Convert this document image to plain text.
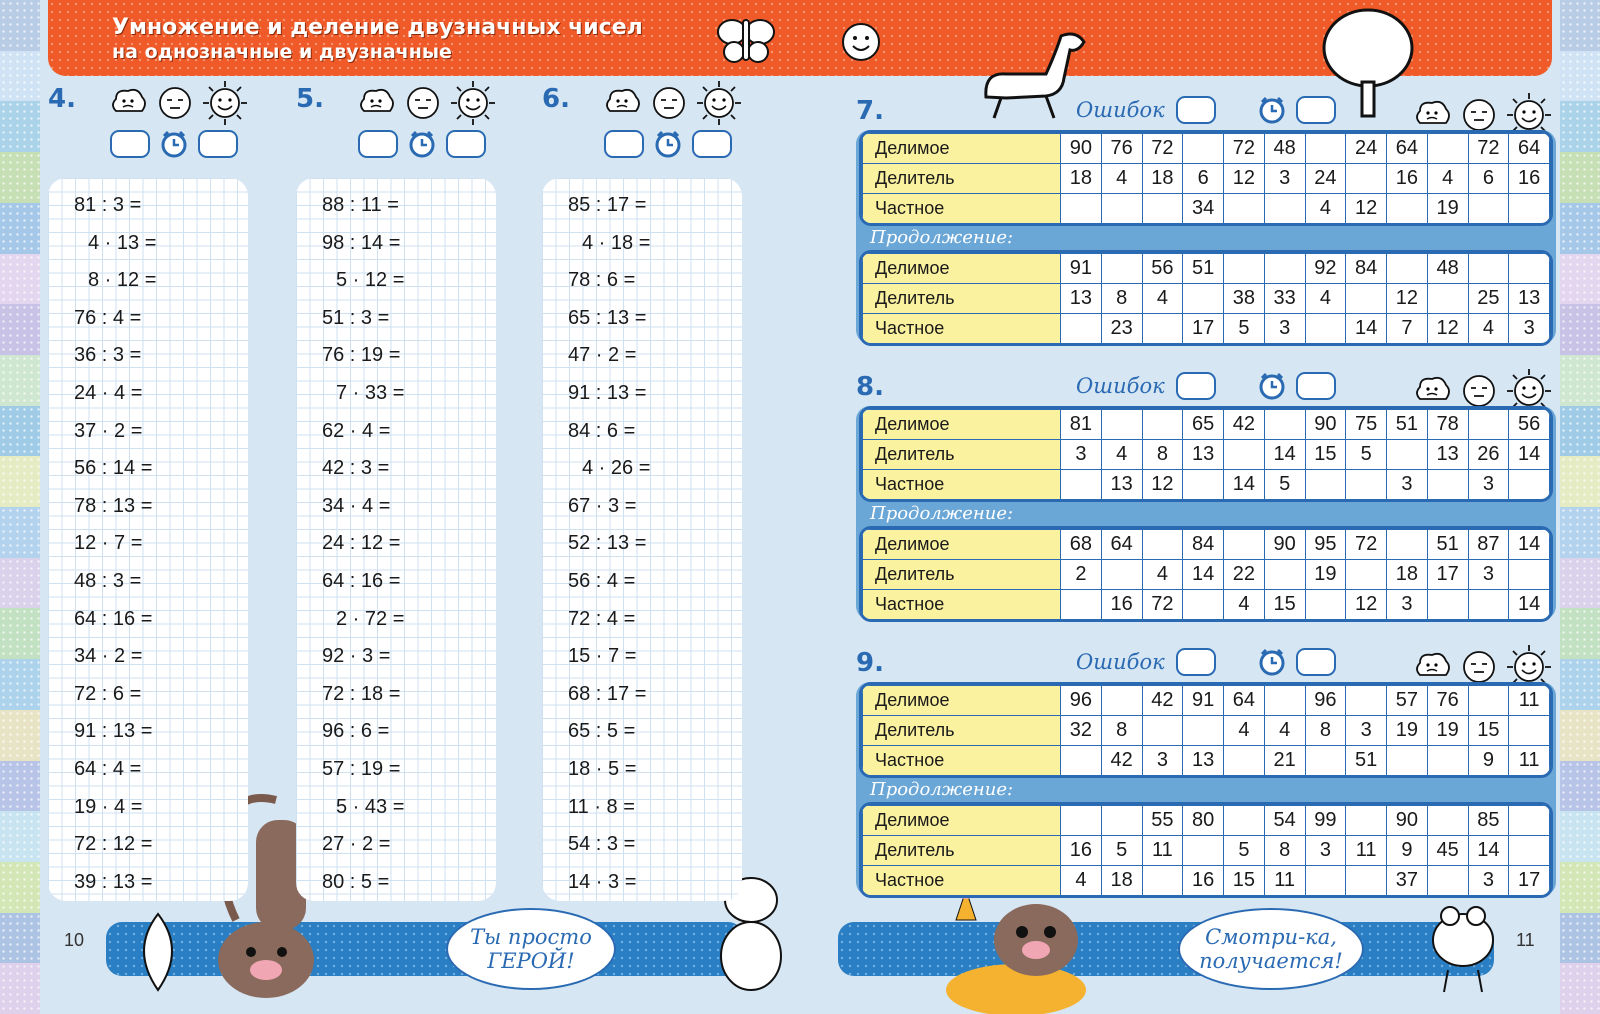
Умножение и деление двузначных чисел
на однозначные и двузначные
Ты просто
ГЕРОЙ!
Смотри-ка,
получается!
10	11
4.
81 : 3 =
4 · 13 =
8 · 12 =
76 : 4 =
36 : 3 =
24 · 4 =
37 · 2 =
56 : 14 =
78 : 13 =
12 · 7 =
48 : 3 =
64 : 16 =
34 · 2 =
72 : 6 =
91 : 13 =
64 : 4 =
19 · 4 =
72 : 12 =
39 : 13 =
5.
88 : 11 =
98 : 14 =
5 · 12 =
51 : 3 =
76 : 19 =
7 · 33 =
62 · 4 =
42 : 3 =
34 · 4 =
24 : 12 =
64 : 16 =
2 · 72 =
92 · 3 =
72 : 18 =
96 : 6 =
57 : 19 =
5 · 43 =
27 · 2 =
80 : 5 =
6.
85 : 17 =
4 · 18 =
78 : 6 =
65 : 13 =
47 · 2 =
91 : 13 =
84 : 6 =
4 · 26 =
67 · 3 =
52 : 13 =
56 : 4 =
72 : 4 =
15 · 7 =
68 : 17 =
65 : 5 =
18 · 5 =
11 · 8 =
54 : 3 =
14 · 3 =
7.	Ошибок
Делимое	90	76	72		72	48		24	64		72	64
Делитель	18	4	18	6	12	3	24		16	4	6	16
Частное				34			4	12		19		
Делимое	91		56	51			92	84		48		
Делитель	13	8	4		38	33	4		12		25	13
Частное		23		17	5	3		14	7	12	4	3
Продолжение:
8.	Ошибок
Делимое	81			65	42		90	75	51	78		56
Делитель	3	4	8	13		14	15	5		13	26	14
Частное		13	12		14	5			3		3	
Делимое	68	64		84		90	95	72		51	87	14
Делитель	2		4	14	22		19		18	17	3	
Частное		16	72		4	15		12	3			14
Продолжение:
9.	Ошибок
Делимое	96		42	91	64		96		57	76		11
Делитель	32	8			4	4	8	3	19	19	15	
Частное		42	3	13		21		51			9	11
Делимое			55	80		54	99		90		85	
Делитель	16	5	11		5	8	3	11	9	45	14	
Частное	4	18		16	15	11			37		3	17
Продолжение:
